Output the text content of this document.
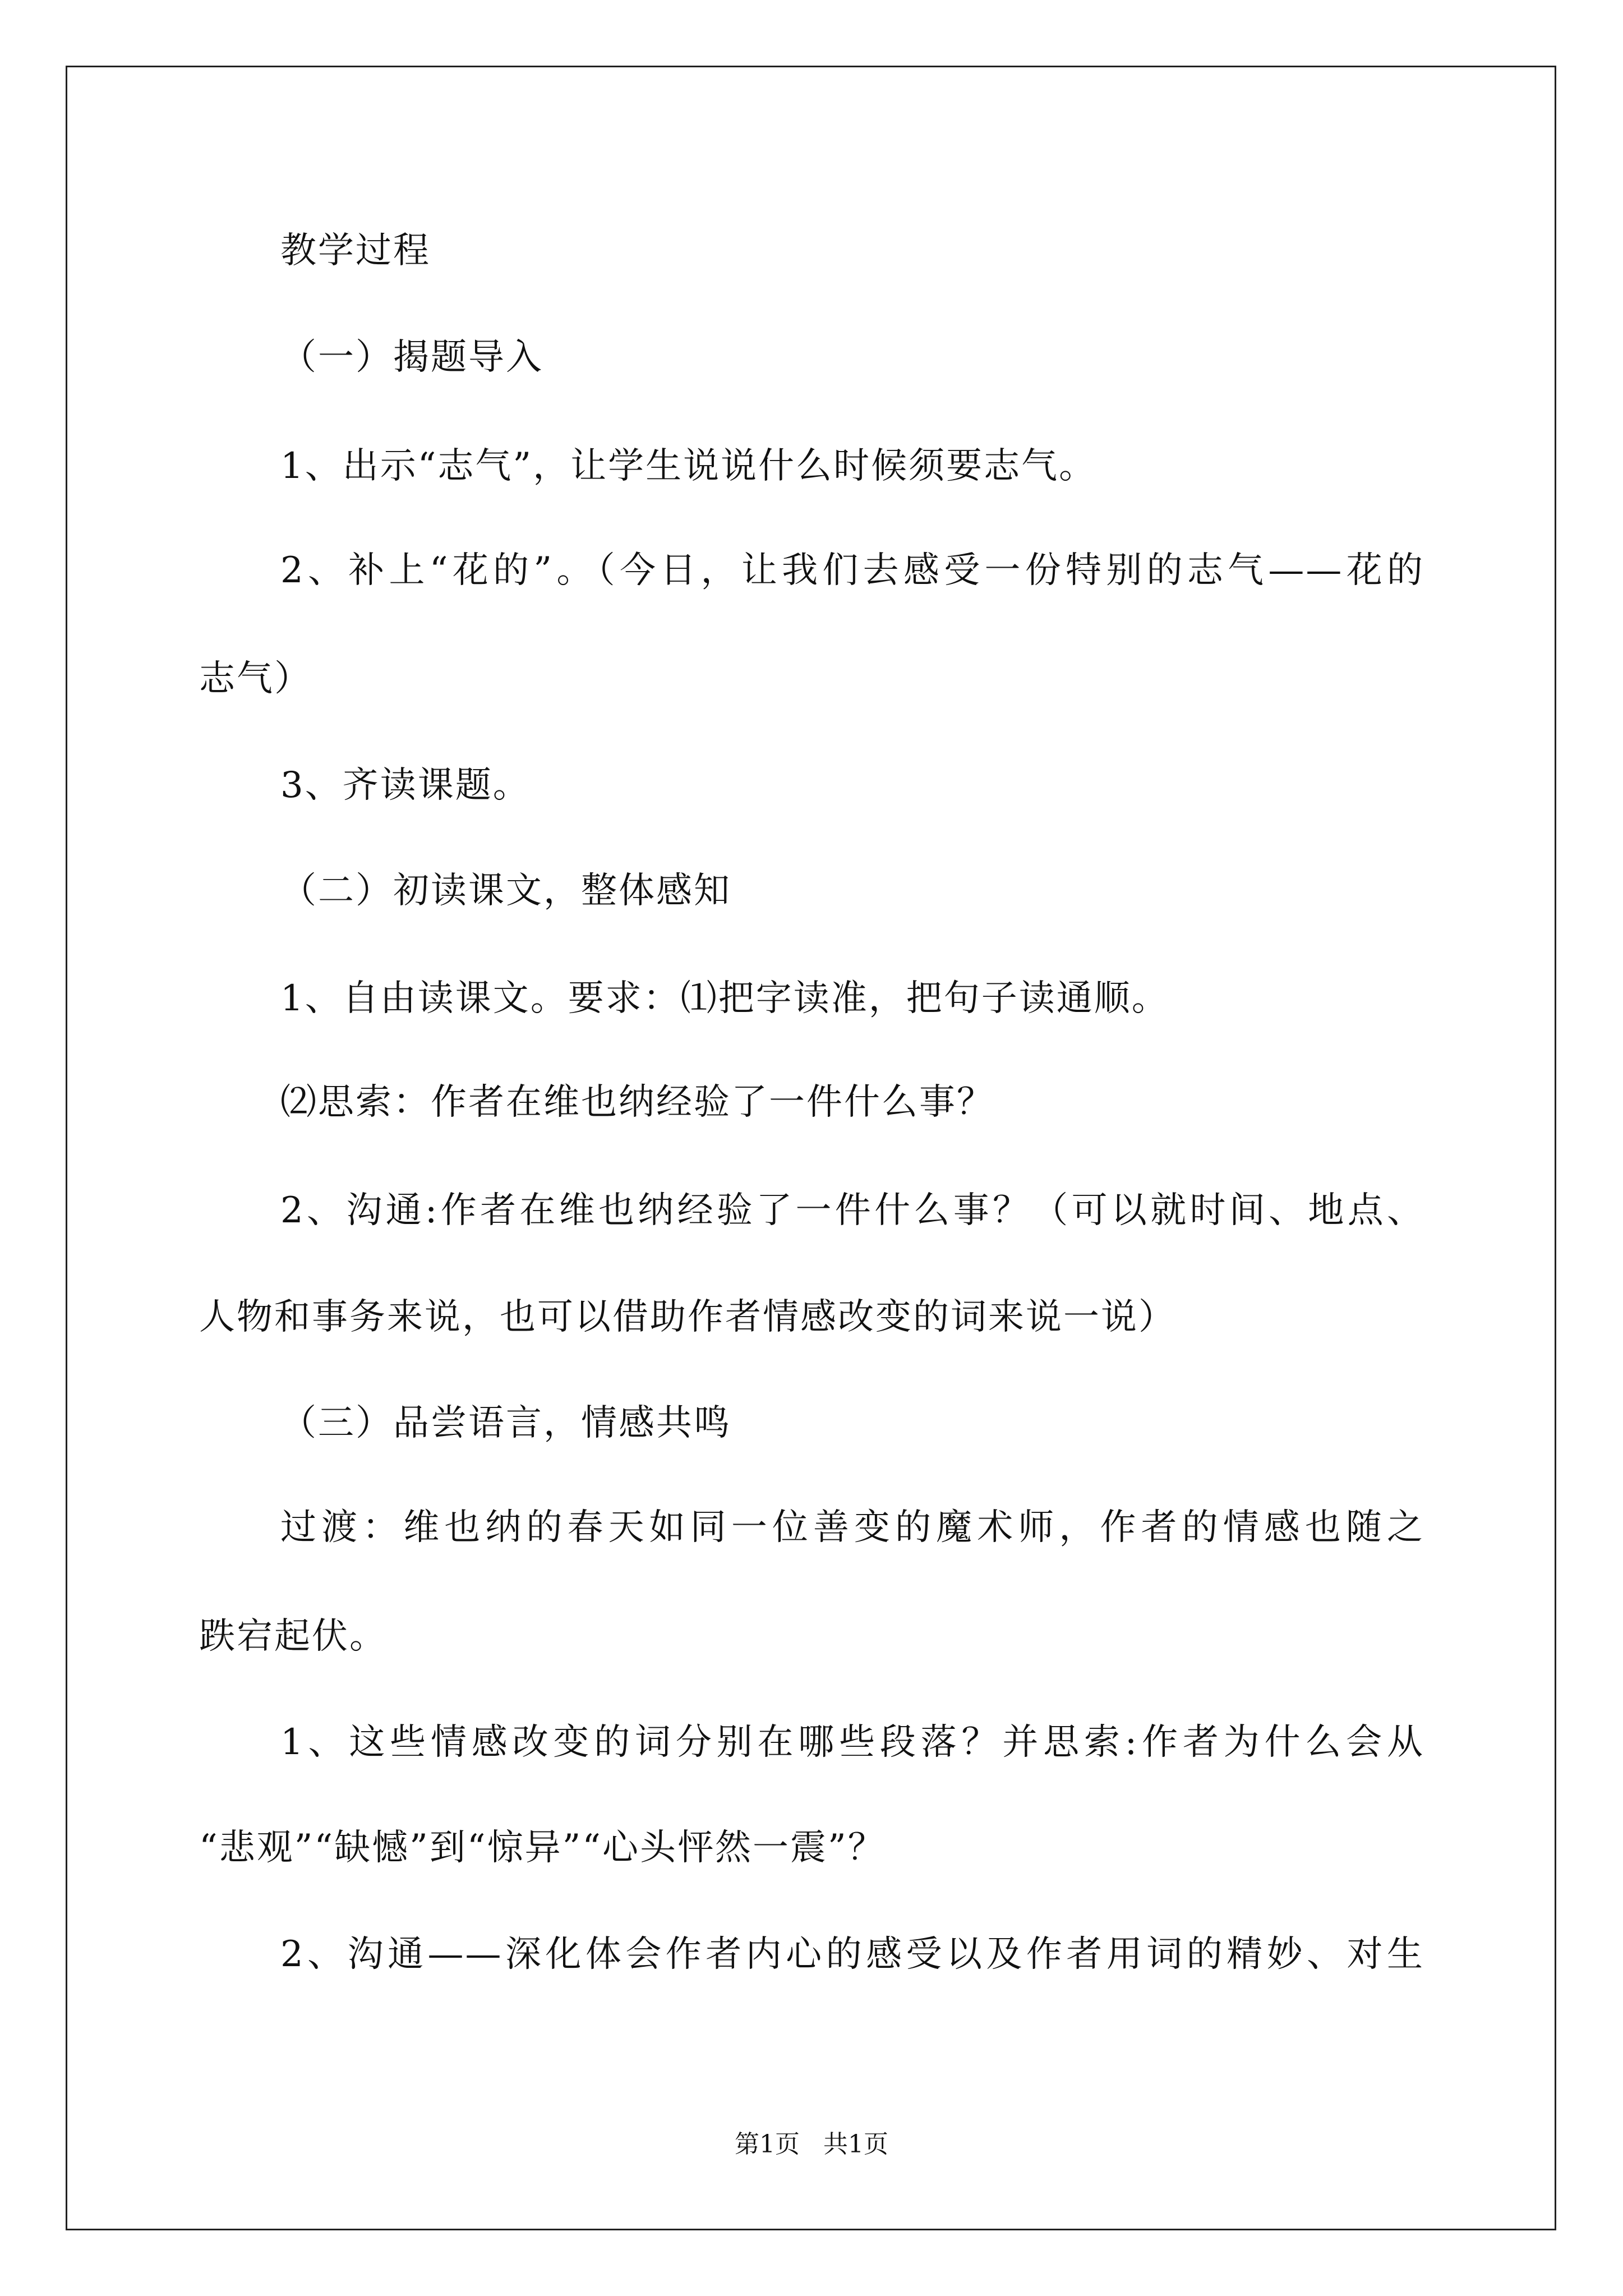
教学过程
（一）揭题导入
1、出示“志气”，让学生说说什么时候须要志气。
2、补上“花的”。（今日，让我们去感受一份特别的志气——花的
志气）
3、齐读课题。
（二）初读课文，整体感知
1、自由读课文。要求：⑴把字读准，把句子读通顺。
⑵思索：作者在维也纳经验了一件什么事？
2、沟通:作者在维也纳经验了一件什么事？（可以就时间、地点、
人物和事务来说，也可以借助作者情感改变的词来说一说）
（三）品尝语言，情感共鸣
过渡：维也纳的春天如同一位善变的魔术师，作者的情感也随之
跌宕起伏。
1、这些情感改变的词分别在哪些段落？并思索:作者为什么会从
“悲观”“缺憾”到“惊异”“心头怦然一震”？
2、沟通——深化体会作者内心的感受以及作者用词的精妙、对生
第1页 共1页
